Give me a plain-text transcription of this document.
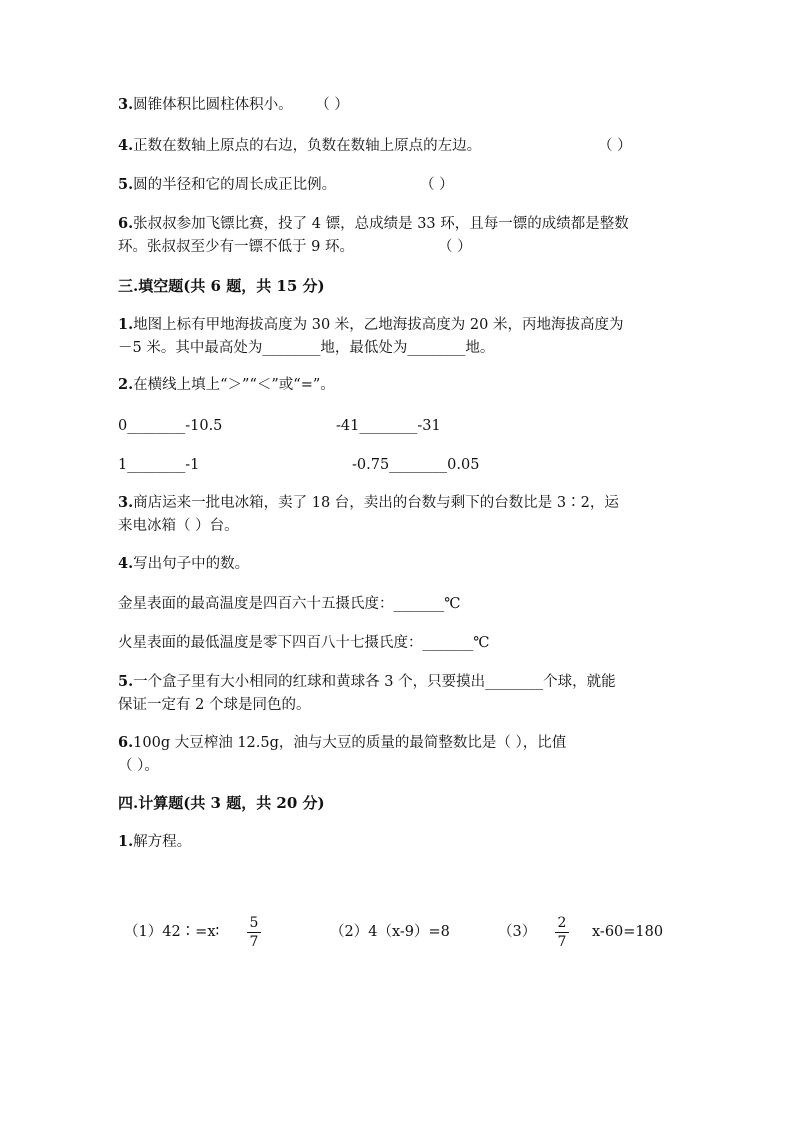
3.圆锥体积比圆柱体积小。 （ ）
4.正数在数轴上原点的右边，负数在数轴上原点的左边。	（ ）
5.圆的半径和它的周长成正比例。	（ ）
6.张叔叔参加飞镖比赛，投了 4 镖，总成绩是 33 环，且每一镖的成绩都是整数
环。张叔叔至少有一镖不低于 9 环。	（ ）
三.填空题(共 6 题，共 15 分)
1.地图上标有甲地海拔高度为 30 米，乙地海拔高度为 20 米，丙地海拔高度为
－5 米。其中最高处为________地，最低处为________地。
2.在横线上填上“＞”“＜”或“=”。
0________-10.5	-41________-31
1________-1	-0.75________0.05
3.商店运来一批电冰箱，卖了 18 台，卖出的台数与剩下的台数比是 3∶2，运
来电冰箱（ ）台。
4.写出句子中的数。
金星表面的最高温度是四百六十五摄氏度：_______℃
火星表面的最低温度是零下四百八十七摄氏度：_______℃
5.一个盒子里有大小相同的红球和黄球各 3 个，只要摸出________个球，就能
保证一定有 2 个球是同色的。
6.100g 大豆榨油 12.5g，油与大豆的质量的最简整数比是（ ），比值
（ ）。
四.计算题(共 3 题，共 20 分)
1.解方程。
（1）42∶=x∶
5
7
（2）4（x-9）=8	（3）
2
7
x-60=180
